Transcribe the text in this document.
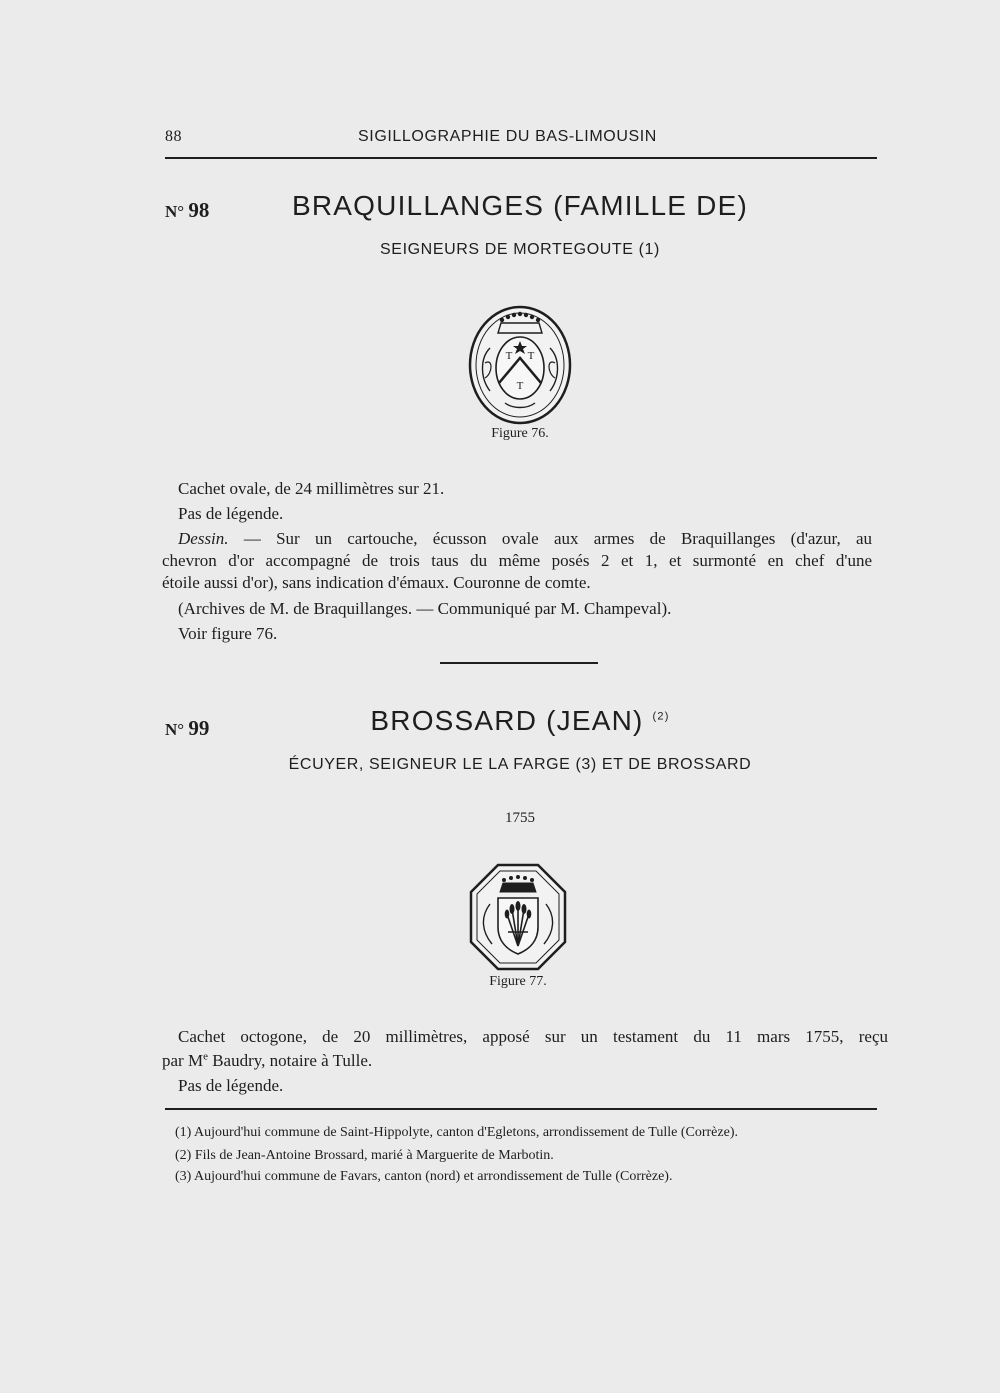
88	SIGILLOGRAPHIE DU BAS-LIMOUSIN
N° 98	BRAQUILLANGES (FAMILLE DE)
SEIGNEURS DE MORTEGOUTE (1)
T T
T
Figure 76.
Cachet ovale, de 24 millimètres sur 21.
Pas de légende.
Dessin. — Sur un cartouche, écusson ovale aux armes de Braquillanges (d'azur, au
chevron d'or accompagné de trois taus du même posés 2 et 1, et surmonté en chef d'une
étoile aussi d'or), sans indication d'émaux. Couronne de comte.
(Archives de M. de Braquillanges. — Communiqué par M. Champeval).
Voir figure 76.
N° 99	BROSSARD (JEAN) $^{(2)}$
ÉCUYER, SEIGNEUR LE LA FARGE (3) ET DE BROSSARD
1755
Figure 77.
Cachet octogone, de 20 millimètres, apposé sur un testament du 11 mars 1755, reçu
par Me Baudry, notaire à Tulle.
Pas de légende.
(1) Aujourd'hui commune de Saint-Hippolyte, canton d'Egletons, arrondissement de Tulle (Corrèze).
(2) Fils de Jean-Antoine Brossard, marié à Marguerite de Marbotin.
(3) Aujourd'hui commune de Favars, canton (nord) et arrondissement de Tulle (Corrèze).
